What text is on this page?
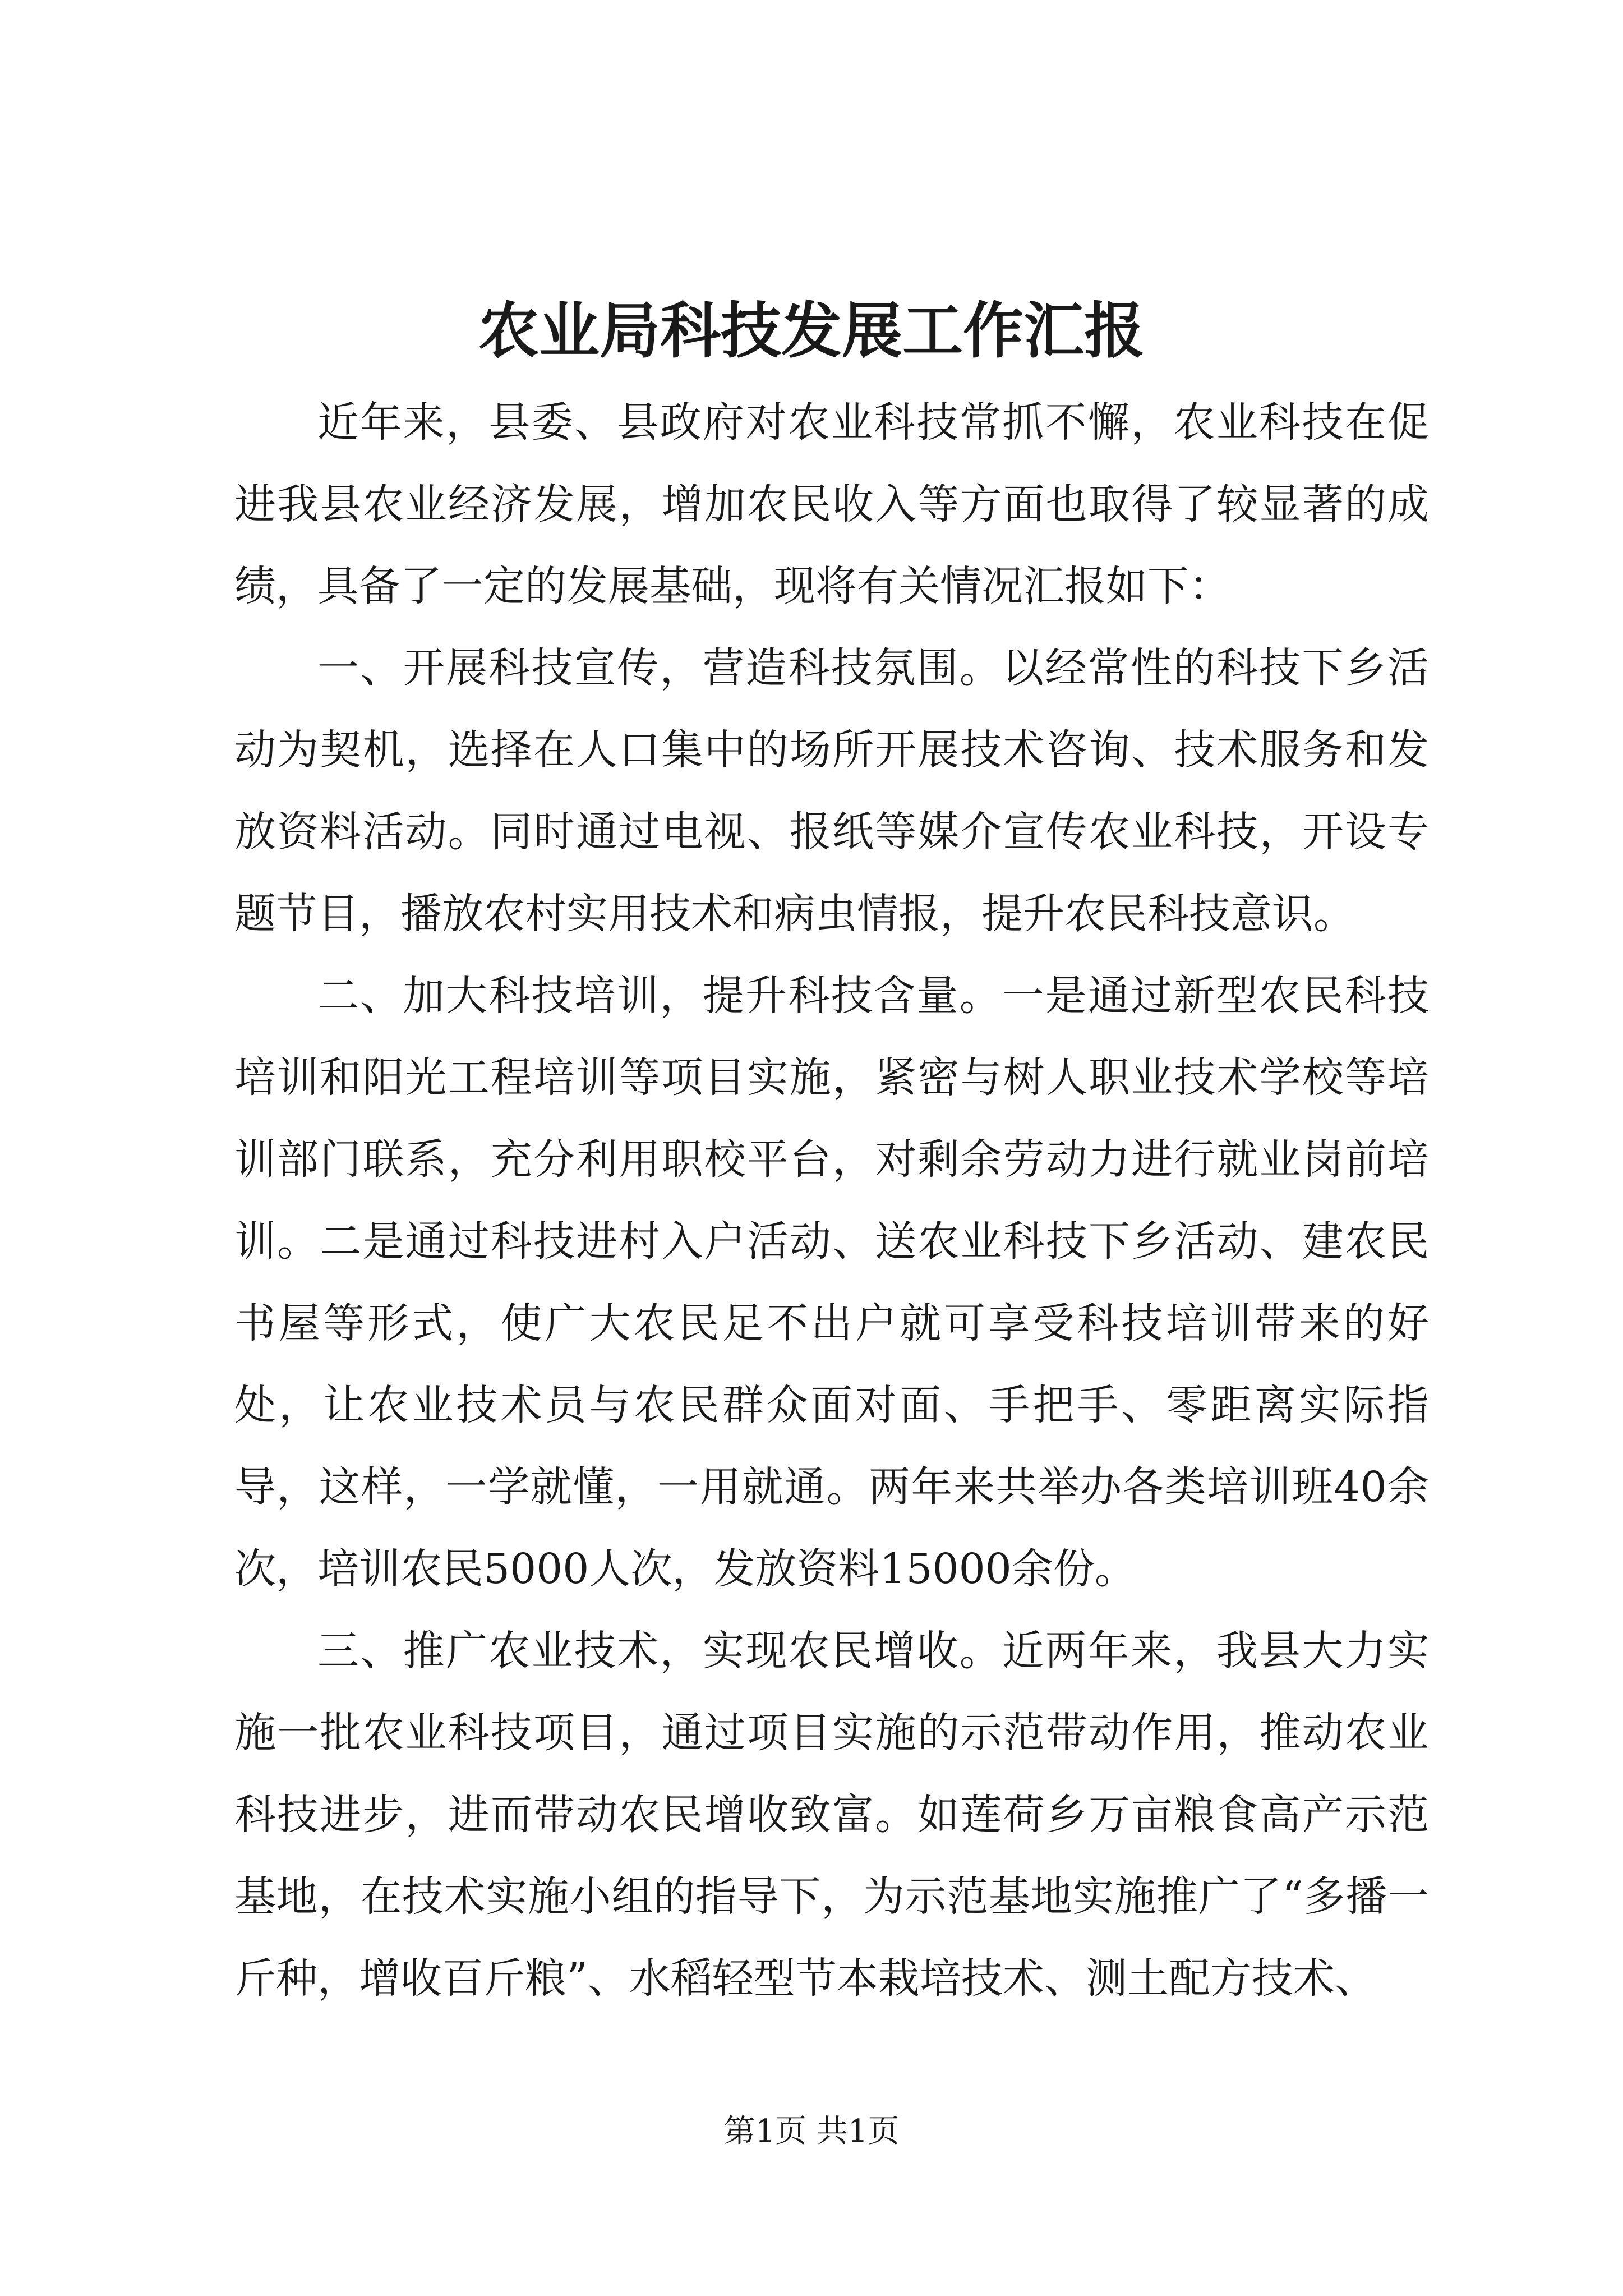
农业局科技发展工作汇报

近年来，县委、县政府对农业科技常抓不懈，农业科技在促进我县农业经济发展，增加农民收入等方面也取得了较显著的成绩，具备了一定的发展基础，现将有关情况汇报如下：

一、开展科技宣传，营造科技氛围。以经常性的科技下乡活动为契机，选择在人口集中的场所开展技术咨询、技术服务和发放资料活动。同时通过电视、报纸等媒介宣传农业科技，开设专题节目，播放农村实用技术和病虫情报，提升农民科技意识。

二、加大科技培训，提升科技含量。一是通过新型农民科技培训和阳光工程培训等项目实施，紧密与树人职业技术学校等培训部门联系，充分利用职校平台，对剩余劳动力进行就业岗前培训。二是通过科技进村入户活动、送农业科技下乡活动、建农民书屋等形式，使广大农民足不出户就可享受科技培训带来的好处，让农业技术员与农民群众面对面、手把手、零距离实际指导，这样，一学就懂，一用就通。两年来共举办各类培训班40余次，培训农民5000人次，发放资料15000余份。

三、推广农业技术，实现农民增收。近两年来，我县大力实施一批农业科技项目，通过项目实施的示范带动作用，推动农业科技进步，进而带动农民增收致富。如莲荷乡万亩粮食高产示范基地，在技术实施小组的指导下，为示范基地实施推广了“多播一斤种，增收百斤粮”、水稻轻型节本栽培技术、测土配方技术、

第1页 共1页
